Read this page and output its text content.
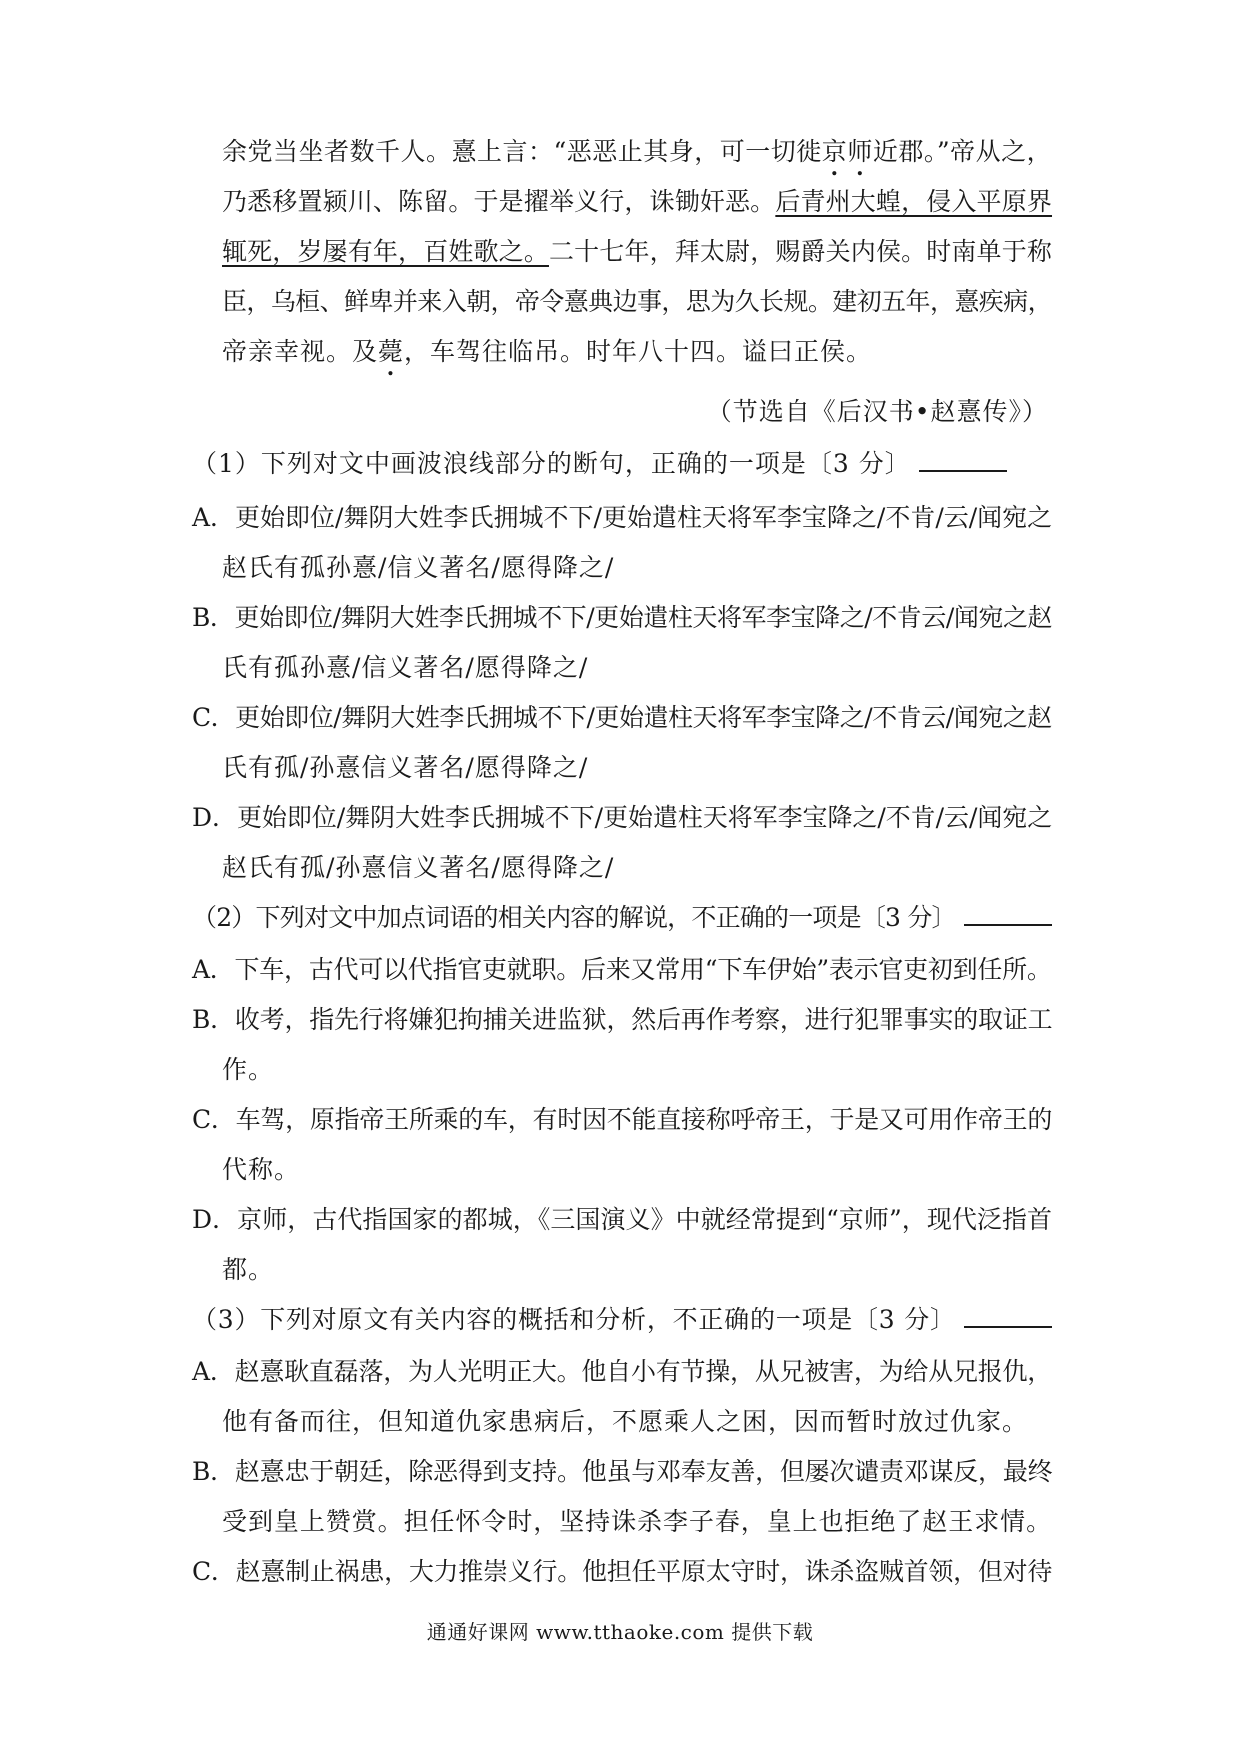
余党当坐者数千人。憙上言：“恶恶止其身，可一切徙京师近郡。”帝从之，
乃悉移置颍川、陈留。于是擢举义行，诛锄奸恶。后青州大蝗，侵入平原界
辄死，岁屡有年，百姓歌之。二十七年，拜太尉，赐爵关内侯。时南单于称
臣，乌桓、鲜卑并来入朝，帝令憙典边事，思为久长规。建初五年，憙疾病，
帝亲幸视。及薨，车驾往临吊。时年八十四。谥曰正侯。
（节选自《后汉书•赵憙传》）
（1）下列对文中画波浪线部分的断句，正确的一项是〔3 分〕
A．更始即位/舞阴大姓李氏拥城不下/更始遣柱天将军李宝降之/不肯/云/闻宛之
赵氏有孤孙憙/信义著名/愿得降之/
B．更始即位/舞阴大姓李氏拥城不下/更始遣柱天将军李宝降之/不肯云/闻宛之赵
氏有孤孙憙/信义著名/愿得降之/
C．更始即位/舞阴大姓李氏拥城不下/更始遣柱天将军李宝降之/不肯云/闻宛之赵
氏有孤/孙憙信义著名/愿得降之/
D．更始即位/舞阴大姓李氏拥城不下/更始遣柱天将军李宝降之/不肯/云/闻宛之
赵氏有孤/孙憙信义著名/愿得降之/
（2）下列对文中加点词语的相关内容的解说，不正确的一项是〔3 分〕
A．下车，古代可以代指官吏就职。后来又常用“下车伊始”表示官吏初到任所。
B．收考，指先行将嫌犯拘捕关进监狱，然后再作考察，进行犯罪事实的取证工
作。
C．车驾，原指帝王所乘的车，有时因不能直接称呼帝王，于是又可用作帝王的
代称。
D．京师，古代指国家的都城，《三国演义》中就经常提到“京师”，现代泛指首
都。
（3）下列对原文有关内容的概括和分析，不正确的一项是〔3 分〕
A．赵憙耿直磊落，为人光明正大。他自小有节操，从兄被害，为给从兄报仇，
他有备而往，但知道仇家患病后，不愿乘人之困，因而暂时放过仇家。
B．赵憙忠于朝廷，除恶得到支持。他虽与邓奉友善，但屡次谴责邓谋反，最终
受到皇上赞赏。担任怀令时，坚持诛杀李子春，皇上也拒绝了赵王求情。
C．赵憙制止祸患，大力推崇义行。他担任平原太守时，诛杀盗贼首领，但对待
通通好课网 www.tthaoke.com 提供下载
